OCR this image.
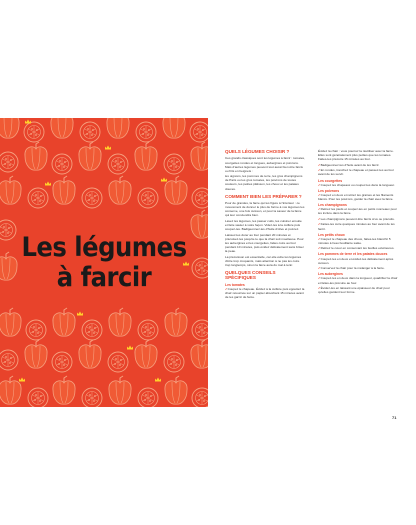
Les légumes
à farcir
QUELS LÉGUMES CHOISIR ?
Ces grands classiques sont les légumes à farcir : tomates, courgettes rondes et longues, aubergines et poivrons. Mais d'autres légumes peuvent tout aussi bien être farcis ou frits en beignets :
les oignons, les pommes de terre, les gros champignons de Paris ou les gros tomates, les poivrons de toutes couleurs, les petites pâtisson, les choux et les patates douces.
COMMENT BIEN LES PRÉPARER ?
Pour de grandes, la farce qui les figure à l'intérieur : ce mouvement de donner le plus de forme à vos légumes les conserve, une fois cuisson, et pour la saveur de la farce qui leur conviendra bien.
Lavez les légumes, les passer cuits, les cuisiner ensuite et faire sauter à votre façon. Videz-les à la cuillère puis coupez-les. Badigeonnez-les d'huile d'olive et poivrez.
Laissez-les dorer au four pendant 20 minutes et précuisez-les jusqu'à ce que la chair soit moelleuse. Pour les aubergines et les courgettes, faites cuire au four pendant 10 minutes, puis évidez délicatement sans briser la peau.
La précuisson est essentielle, car elle évite les légumes d'être trop croquants, mais attention à ne pas les cuire trop longtemps, sinon la farce aura du mal à tenir.
QUELQUES CONSEILS SPÉCIFIQUES
Les tomates
✔ Coupez le chapeau. Évidez à la cuillère puis égouttez la chair retournée sur un papier absorbant 15 minutes avant de les garnir de farce.
Évidez la chair : vous pourrez la réutiliser avec la farce. Elles sont généralement plus petites que les tomates. Faites-les précuire 15 minutes au four.
✔ Badigeonnez-les d'huile avant de les farcir.
✔ En rondes, tranchez le chapeau et passez-les au four avant de les servir.
Les courgettes
✔ Coupez les chapeaux ou coupez-les dans la longueur.
Les poivrons
✔ Coupez en deux et retirez les graines et les filaments blancs. Pour les poivrons, garder la chair avec la farce.
Les champignons
✔ Retirez les pieds et coupez-les en petits morceaux pour les inclure dans la farce.
✔ Les champignons peuvent être farcis crus ou précuits.
✔ Faites-les cuire quelques minutes au four avant de les farcir.
Les petits choux
✔ Coupez le chapeau des choux, faites-les blanchir 5 minutes à l'eau bouillante salée.
✔ Retirez le cœur en conservant les feuilles extérieures.
Les pommes de terre et les patates douces
✔ Coupez-les en deux et évidez-les délicatement après cuisson.
✔ Conservez la chair pour la mélanger à la farce.
Les aubergines
✔ Coupez-les en deux dans la longueur, quadrillez la chair et faites-les précuire au four.
✔ Évidez-les en laissant une épaisseur de chair pour qu'elles gardent leur forme.
71
